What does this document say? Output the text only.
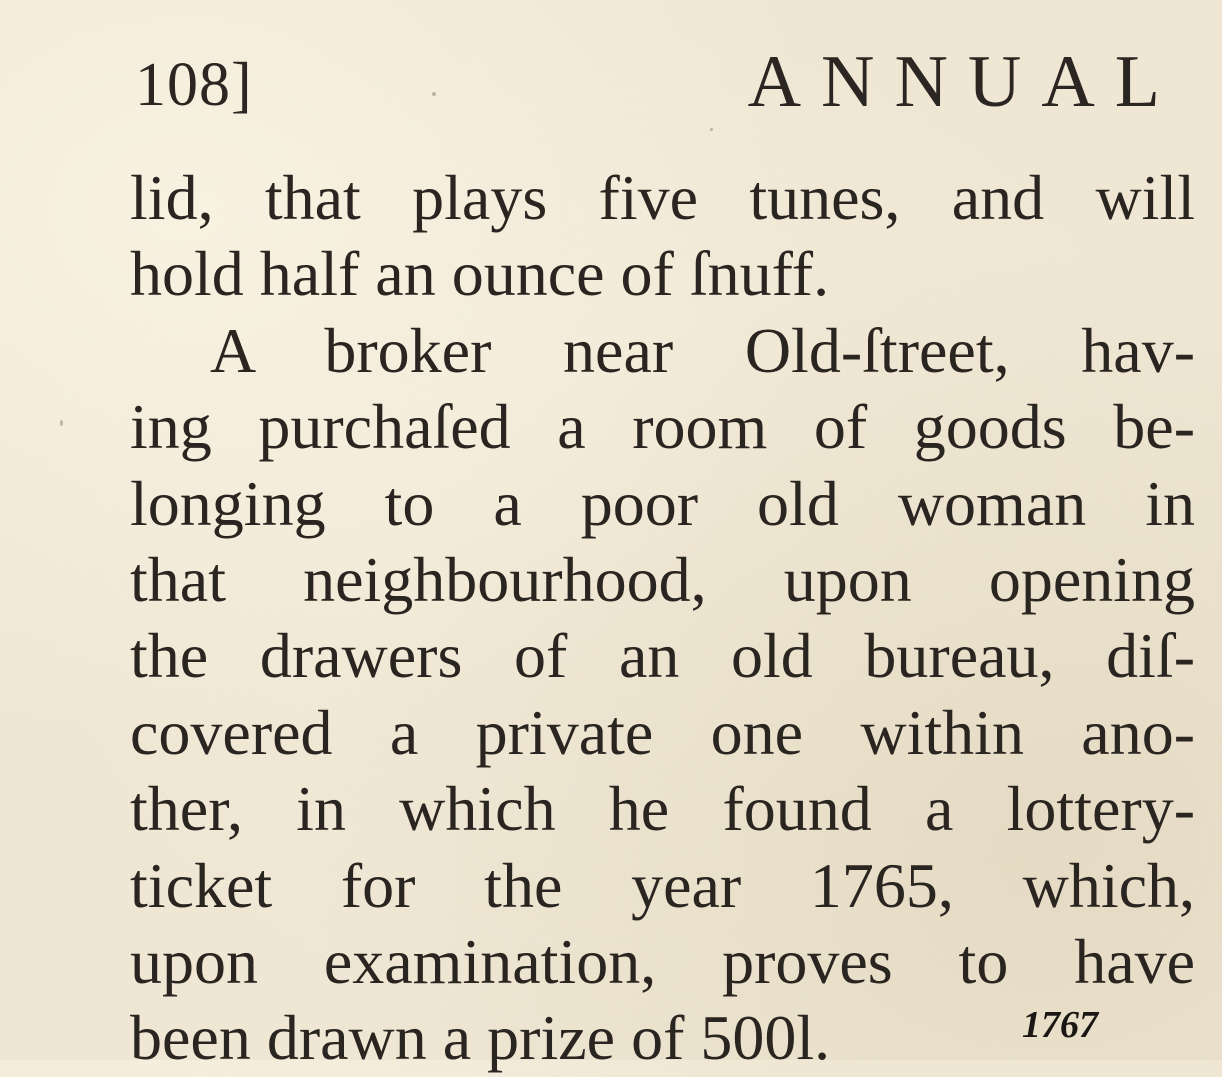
108]	ANNUAL
lid, that plays five tunes, and will
hold half an ounce of ſnuff.
A broker near Old-ſtreet, hav-
ing purchaſed a room of goods be-
longing to a poor old woman in
that neighbourhood, upon opening
the drawers of an old bureau, diſ-
covered a private one within ano-
ther, in which he found a lottery-
ticket for the year 1765, which,
upon examination, proves to have
been drawn a prize of 500l.	1767
